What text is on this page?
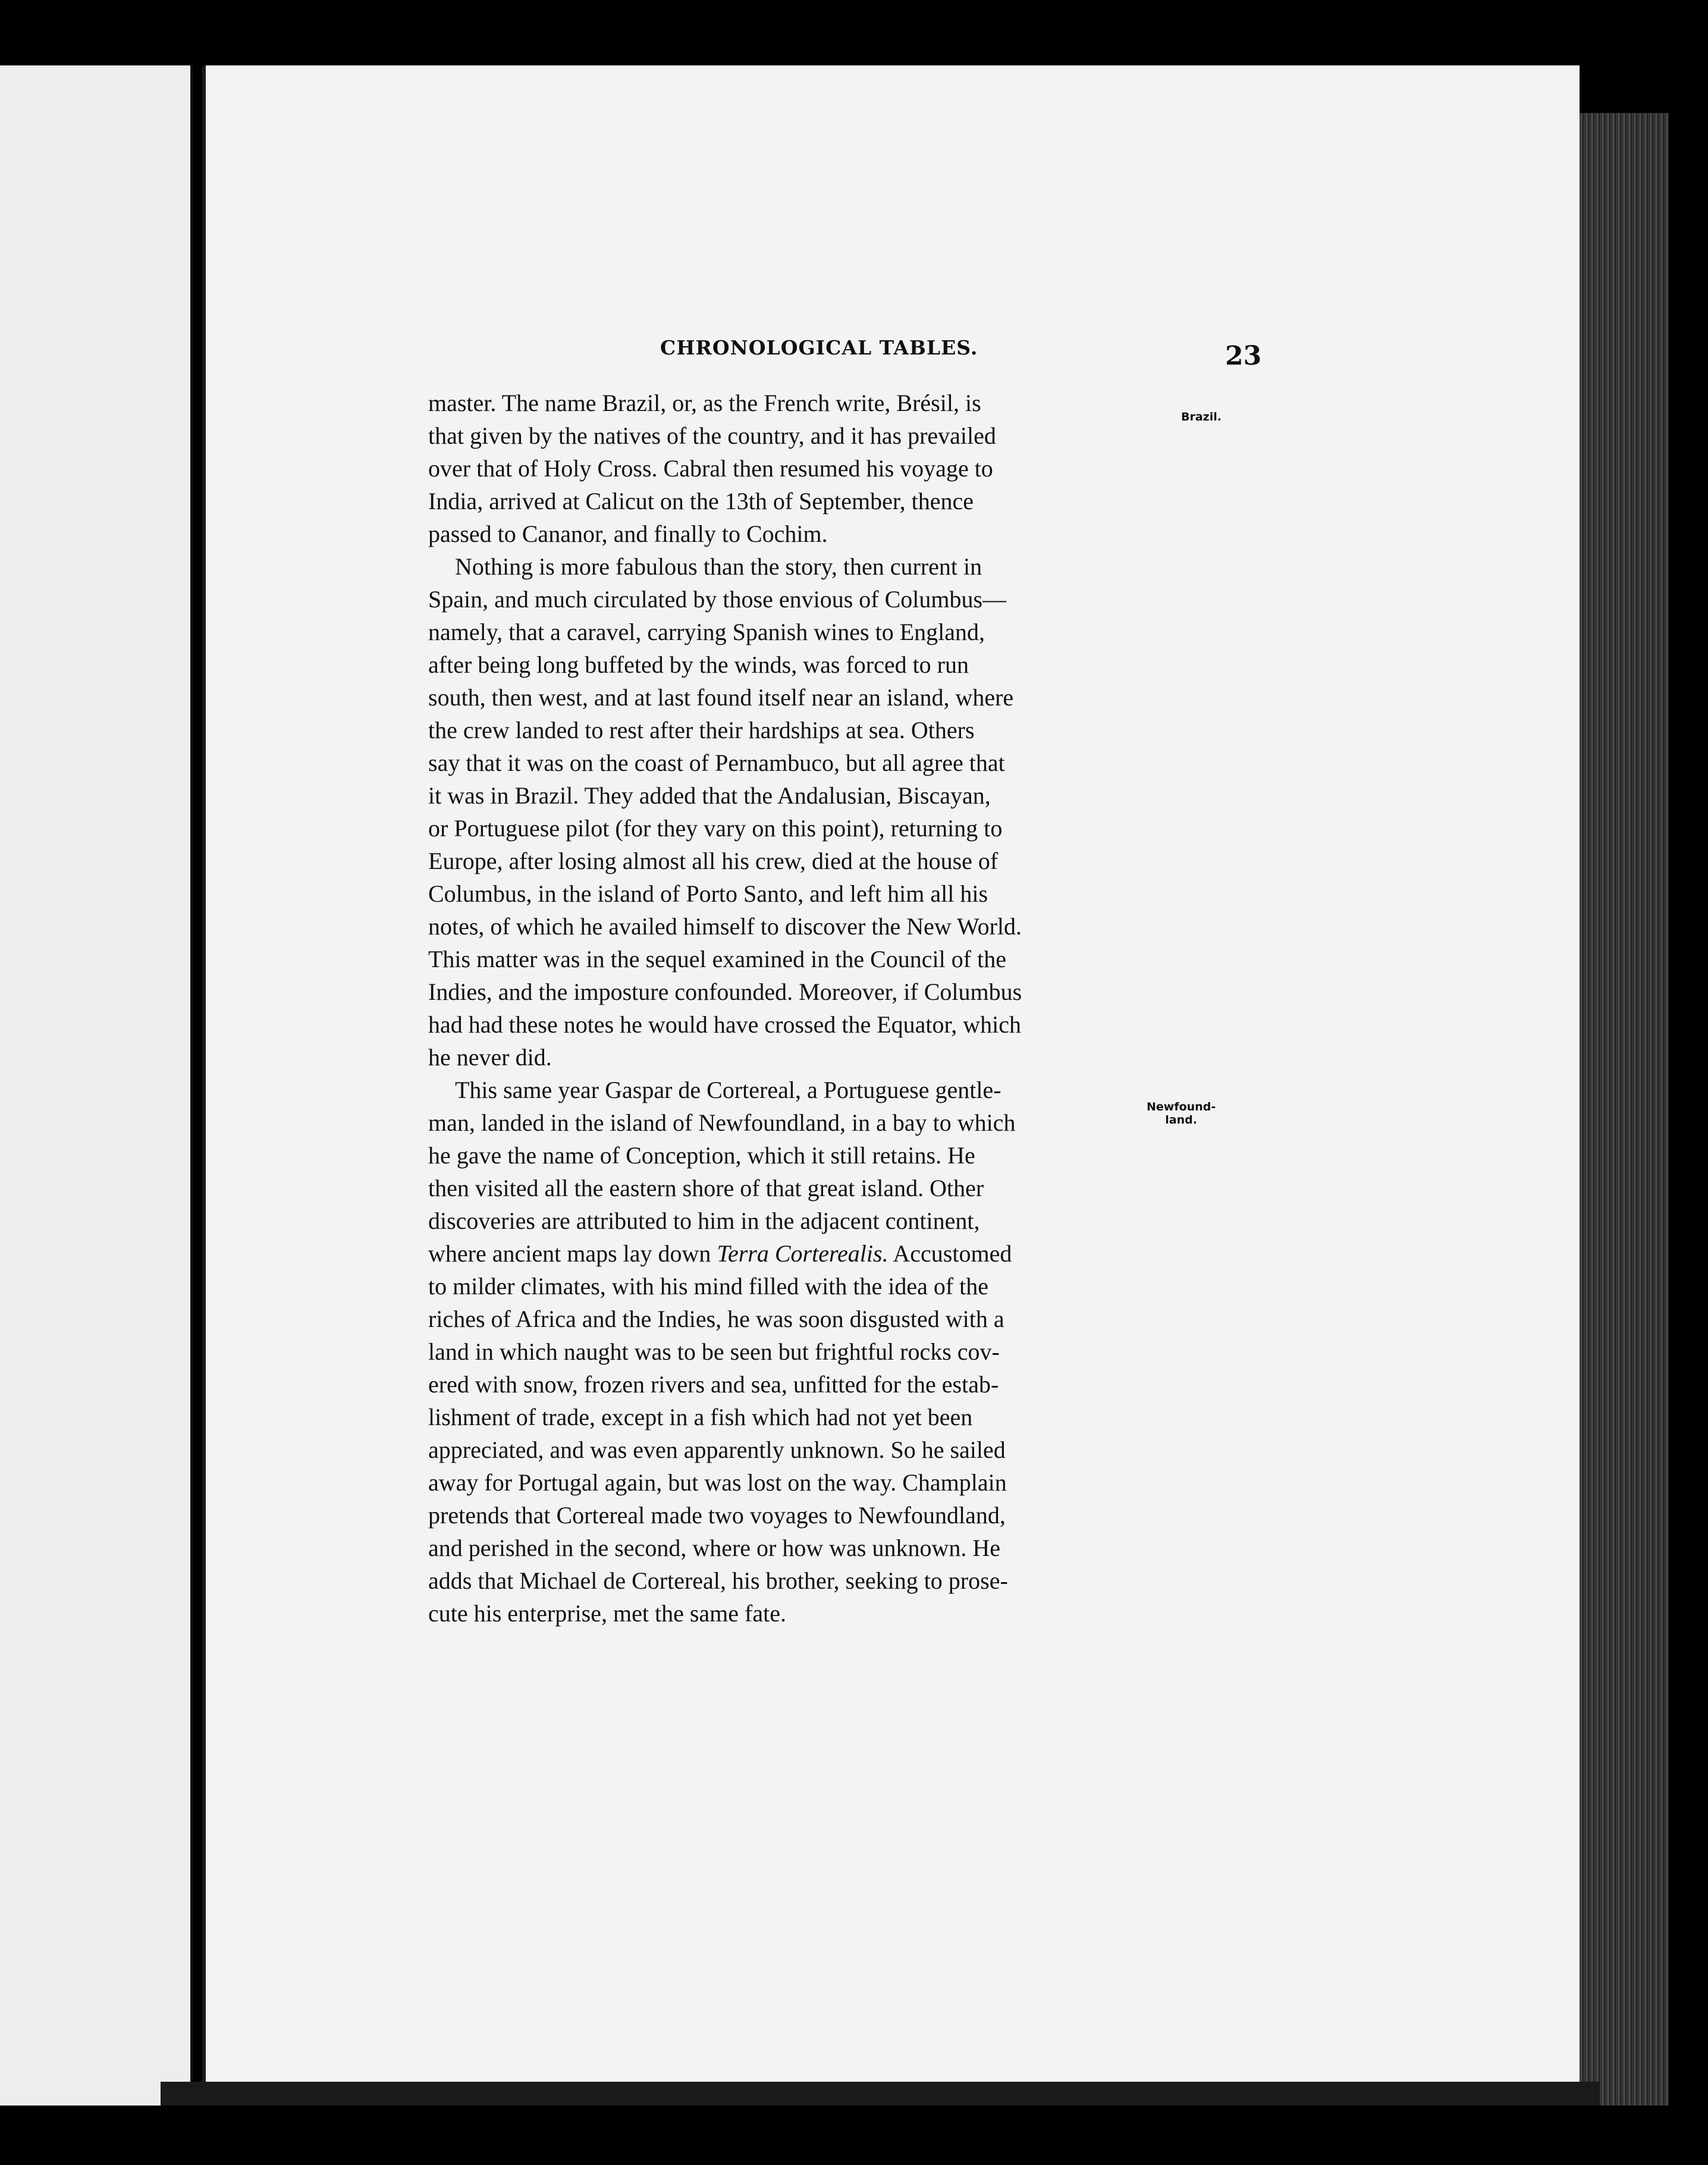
CHRONOLOGICAL TABLES.	23
Brazil.
Newfound-
land.
master. The name Brazil, or, as the French write, Brésil, is
that given by the natives of the country, and it has prevailed
over that of Holy Cross. Cabral then resumed his voyage to
India, arrived at Calicut on the 13th of September, thence
passed to Cananor, and finally to Cochim.
Nothing is more fabulous than the story, then current in
Spain, and much circulated by those envious of Columbus—
namely, that a caravel, carrying Spanish wines to England,
after being long buffeted by the winds, was forced to run
south, then west, and at last found itself near an island, where
the crew landed to rest after their hardships at sea. Others
say that it was on the coast of Pernambuco, but all agree that
it was in Brazil. They added that the Andalusian, Biscayan,
or Portuguese pilot (for they vary on this point), returning to
Europe, after losing almost all his crew, died at the house of
Columbus, in the island of Porto Santo, and left him all his
notes, of which he availed himself to discover the New World.
This matter was in the sequel examined in the Council of the
Indies, and the imposture confounded. Moreover, if Columbus
had had these notes he would have crossed the Equator, which
he never did.
This same year Gaspar de Cortereal, a Portuguese gentle-
man, landed in the island of Newfoundland, in a bay to which
he gave the name of Conception, which it still retains. He
then visited all the eastern shore of that great island. Other
discoveries are attributed to him in the adjacent continent,
where ancient maps lay down Terra Corterealis. Accustomed
to milder climates, with his mind filled with the idea of the
riches of Africa and the Indies, he was soon disgusted with a
land in which naught was to be seen but frightful rocks cov-
ered with snow, frozen rivers and sea, unfitted for the estab-
lishment of trade, except in a fish which had not yet been
appreciated, and was even apparently unknown. So he sailed
away for Portugal again, but was lost on the way. Champlain
pretends that Cortereal made two voyages to Newfoundland,
and perished in the second, where or how was unknown. He
adds that Michael de Cortereal, his brother, seeking to prose-
cute his enterprise, met the same fate.
